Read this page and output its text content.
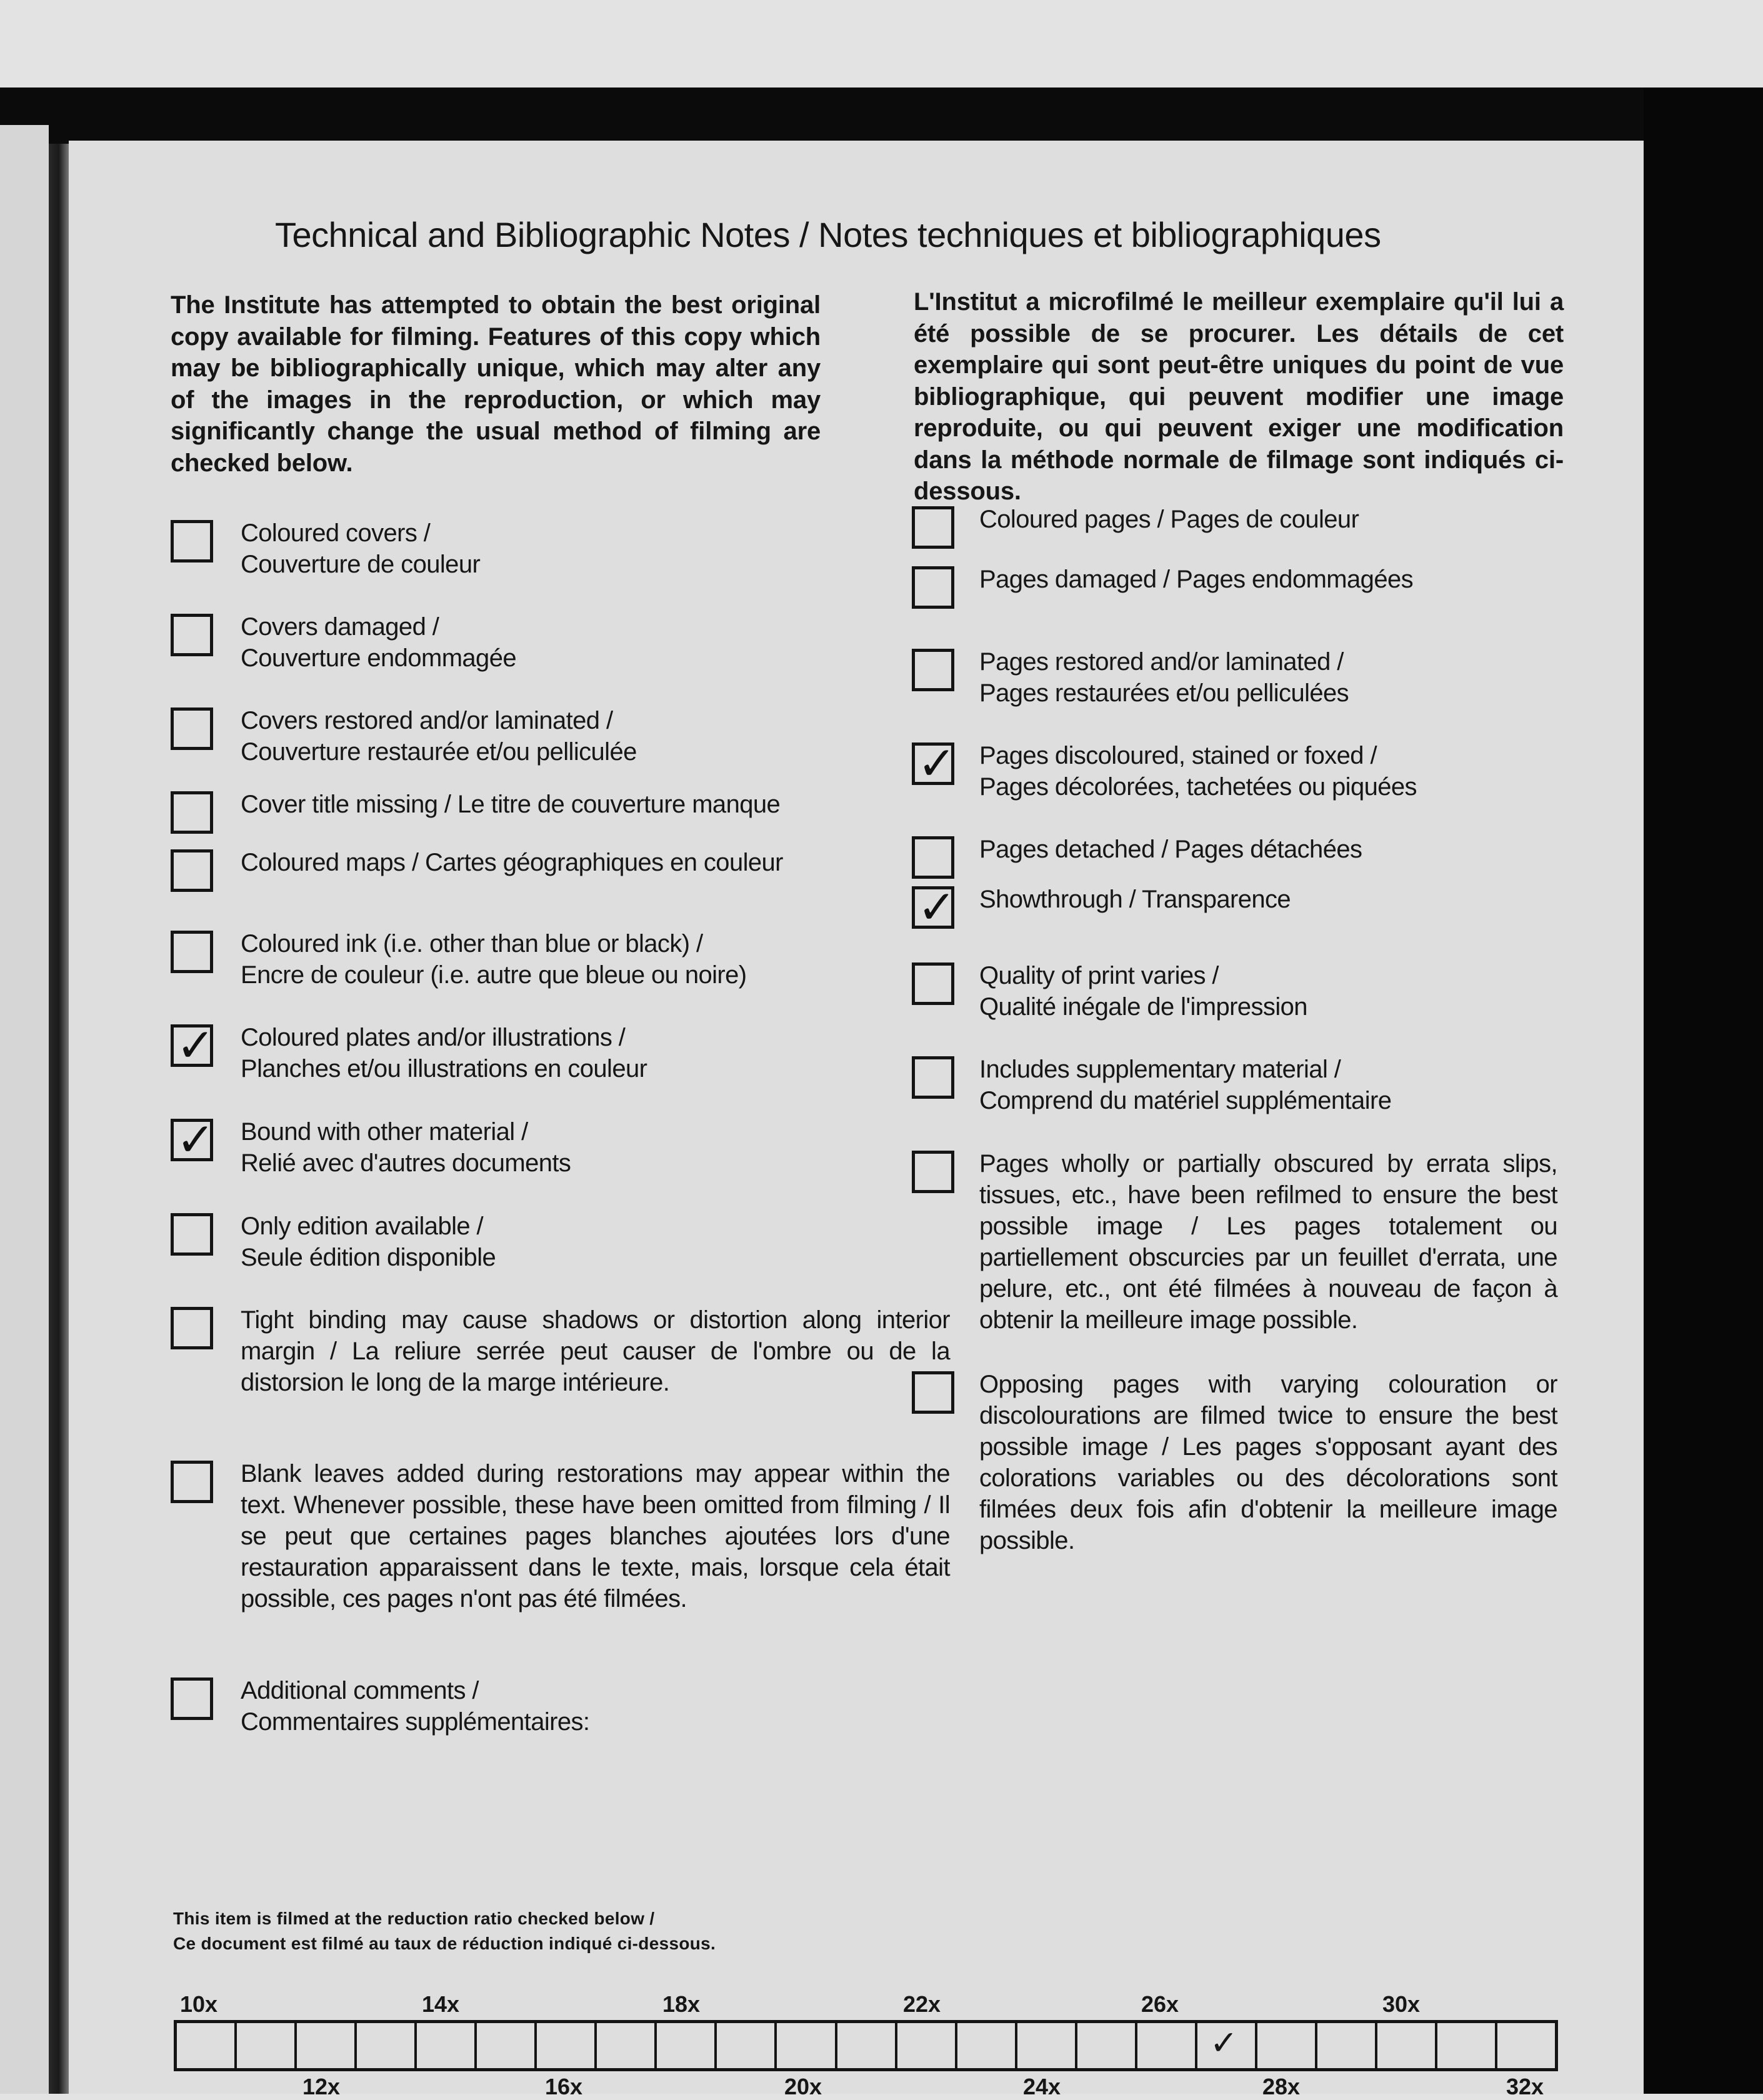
Technical and Bibliographic Notes / Notes techniques et bibliographiques
The Institute has attempted to obtain the best original copy available for filming. Features of this copy which may be bibliographically unique, which may alter any of the images in the reproduction, or which may significantly change the usual method of filming are checked below.
L'Institut a microfilmé le meilleur exemplaire qu'il lui a été possible de se procurer. Les détails de cet exemplaire qui sont peut-être uniques du point de vue bibliographique, qui peuvent modifier une image reproduite, ou qui peuvent exiger une modification dans la méthode normale de filmage sont indiqués ci-dessous.
Coloured covers /
Couverture de couleur
Covers damaged /
Couverture endommagée
Covers restored and/or laminated /
Couverture restaurée et/ou pelliculée
Cover title missing / Le titre de couverture manque
Coloured maps / Cartes géographiques en couleur
Coloured ink (i.e. other than blue or black) /
Encre de couleur (i.e. autre que bleue ou noire)
✓ Coloured plates and/or illustrations /
Planches et/ou illustrations en couleur
✓ Bound with other material /
Relié avec d'autres documents
Only edition available /
Seule édition disponible
Tight binding may cause shadows or distortion along interior margin / La reliure serrée peut causer de l'ombre ou de la distorsion le long de la marge intérieure.
Blank leaves added during restorations may appear within the text. Whenever possible, these have been omitted from filming / Il se peut que certaines pages blanches ajoutées lors d'une restauration apparaissent dans le texte, mais, lorsque cela était possible, ces pages n'ont pas été filmées.
Additional comments /
Commentaires supplémentaires:
Coloured pages / Pages de couleur
Pages damaged / Pages endommagées
Pages restored and/or laminated /
Pages restaurées et/ou pelliculées
✓ Pages discoloured, stained or foxed /
Pages décolorées, tachetées ou piquées
Pages detached / Pages détachées
✓ Showthrough / Transparence
Quality of print varies /
Qualité inégale de l'impression
Includes supplementary material /
Comprend du matériel supplémentaire
Pages wholly or partially obscured by errata slips, tissues, etc., have been refilmed to ensure the best possible image / Les pages totalement ou partiellement obscurcies par un feuillet d'errata, une pelure, etc., ont été filmées à nouveau de façon à obtenir la meilleure image possible.
Opposing pages with varying colouration or discolourations are filmed twice to ensure the best possible image / Les pages s'opposant ayant des colorations variables ou des décolorations sont filmées deux fois afin d'obtenir la meilleure image possible.
This item is filmed at the reduction ratio checked below /
Ce document est filmé au taux de réduction indiqué ci-dessous.
10x	14x	18x	22x	26x	30x
✓
12x	16x	20x	24x	28x	32x
